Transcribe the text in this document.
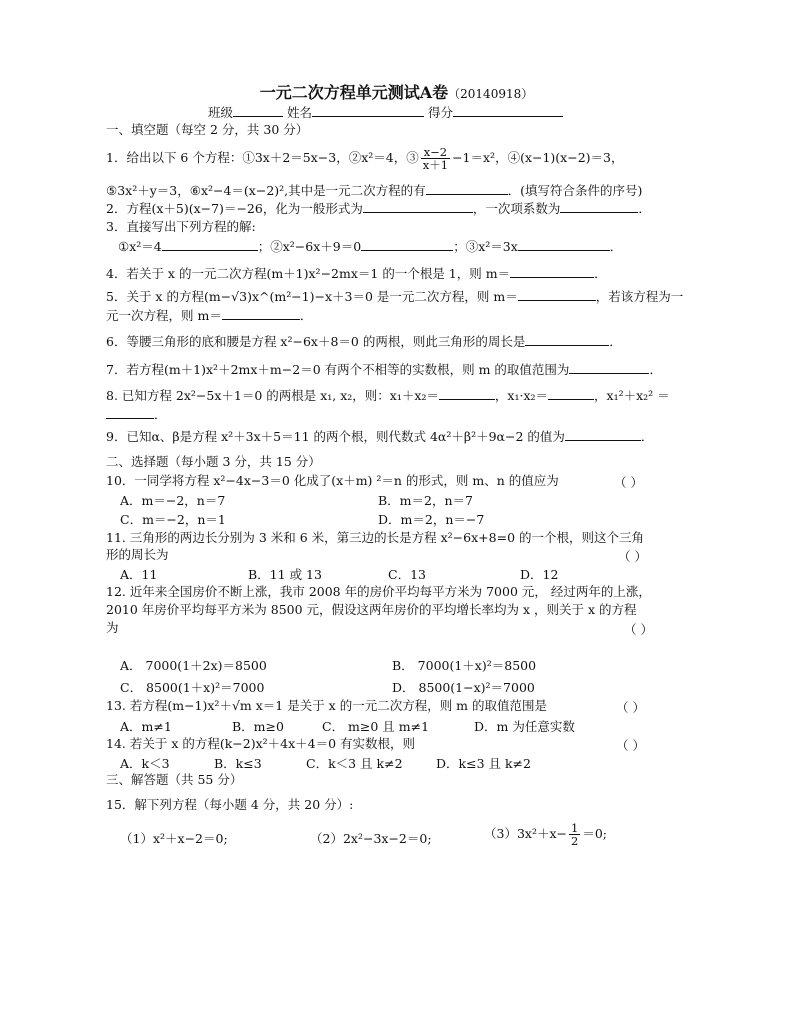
一元二次方程单元测试A卷（20140918）
班级	姓名	得分
一、填空题（每空 2 分，共 30 分）
1．给出以下 6 个方程：①3x＋2＝5x−3，②x²＝4，③ $\frac{x-2}{x+1} -1=x^2$，④(x−1)(x−2)＝3，
⑤3x²＋y＝3，⑥x²−4＝(x−2)²,其中是一元二次方程的有	．(填写符合条件的序号)
2．方程(x＋5)(x−7)＝−26，化为一般形式为	，一次项系数为	．
3．直接写出下列方程的解:
①x²＝4	；②x²−6x＋9＝0	；③x²＝3x	．
4．若关于 x 的一元二次方程(m＋1)x²−2mx＝1 的一个根是 1，则 m＝	．
5．关于 x 的方程(m−√3)x^(m²−1)−x＋3＝0 是一元二次方程，则 m＝	，若该方程为一
元一次方程，则 m＝	．
6．等腰三角形的底和腰是方程 x²−6x＋8＝0 的两根，则此三角形的周长是	．
7．若方程(m＋1)x²＋2mx＋m−2＝0 有两个不相等的实数根，则 m 的取值范围为	．
8. 已知方程 2x²−5x＋1＝0 的两根是 x₁, x₂，则：x₁＋x₂＝	，x₁·x₂＝	，x₁²＋x₂² ＝
．
9．已知α、β是方程 x²＋3x＋5＝11 的两个根，则代数式 4α²＋β²＋9α−2 的值为	．
二、选择题（每小题 3 分，共 15 分）
10．一同学将方程 x²−4x−3＝0 化成了(x＋m) ²＝n 的形式，则 m、n 的值应为	（ ）
A．m＝−2，n＝7	B．m＝2，n＝7
C．m＝−2，n＝1	D．m＝2，n＝−7
11. 三角形的两边长分别为 3 米和 6 米，第三边的长是方程 x²−6x+8=0 的一个根，则这个三角
形的周长为	（ ）
A．11	B．11 或 13	C．13	D．12
12. 近年来全国房价不断上涨，我市 2008 年的房价平均每平方米为 7000 元， 经过两年的上涨，
2010 年房价平均每平方米为 8500 元，假设这两年房价的平均增长率均为 x ，则关于 x 的方程
为	（ ）
A． 7000(1＋2x)＝8500	B． 7000(1＋x)²＝8500
C． 8500(1＋x)²＝7000	D． 8500(1−x)²＝7000
13. 若方程(m−1)x²＋√m x＝1 是关于 x 的一元二次方程，则 m 的取值范围是	（ ）
A．m≠1	B．m≥0	C． m≥0 且 m≠1	D．m 为任意实数
14. 若关于 x 的方程(k−2)x²＋4x＋4＝0 有实数根，则	（ ）
A．k＜3	B．k≤3	C．k＜3 且 k≠2	D．k≤3 且 k≠2
三、解答题（共 55 分）
15．解下列方程（每小题 4 分，共 20 分）:
（1）x²＋x−2＝0;	（2）2x²−3x−2＝0;	$(3)3x^2+x- \frac{1}{2} =0$;
